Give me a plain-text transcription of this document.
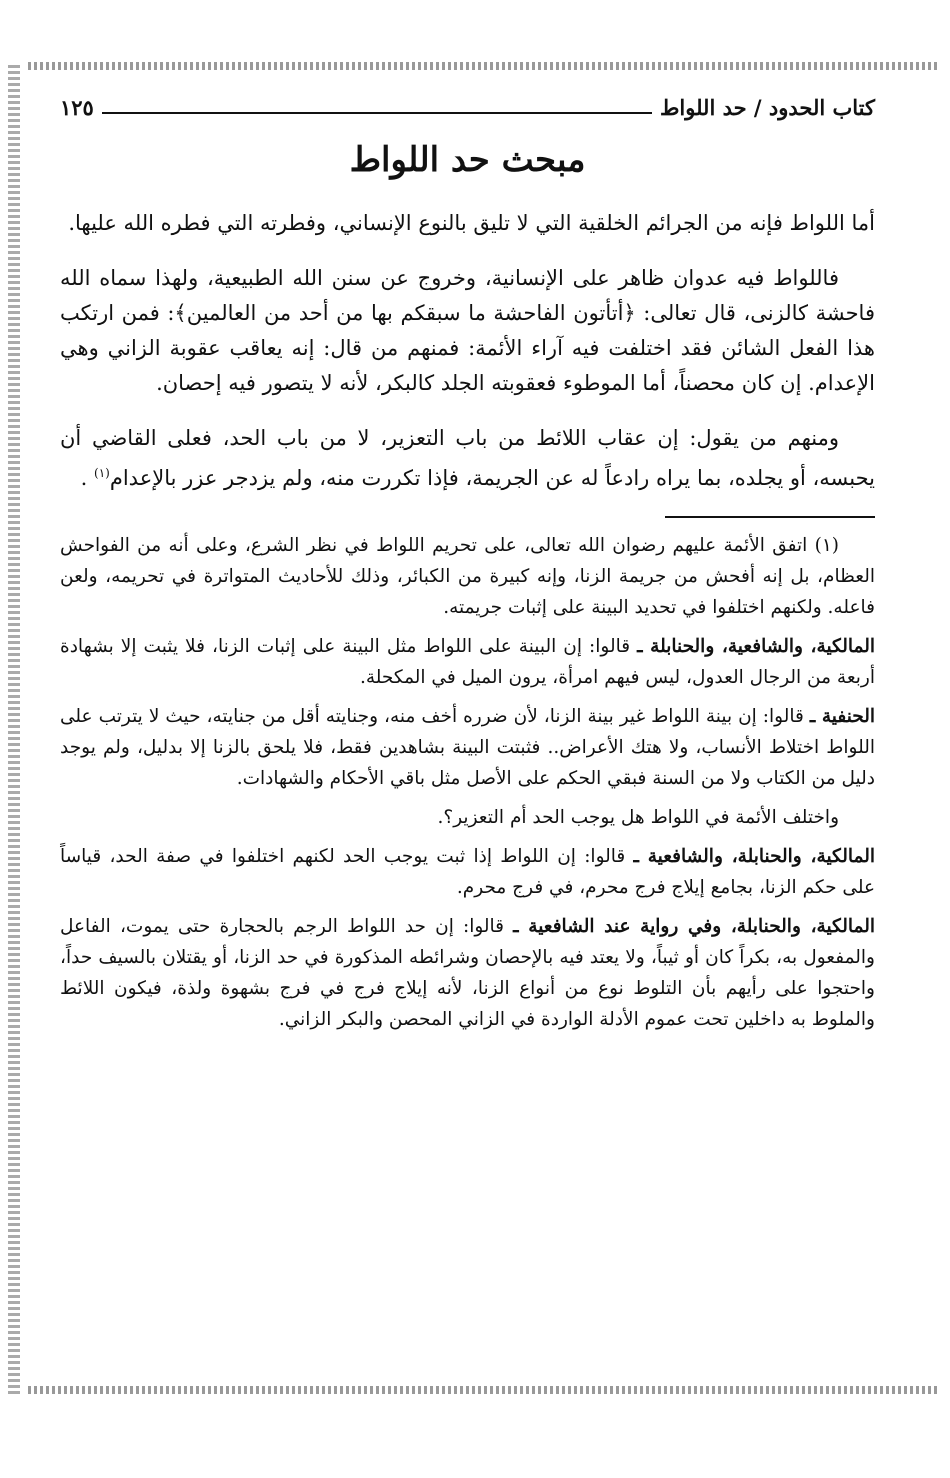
كتاب الحدود / حد اللواط
١٢٥
مبحث حد اللواط

أما اللواط فإنه من الجرائم الخلقية التي لا تليق بالنوع الإنساني، وفطرته التي فطره الله عليها.

فاللواط فيه عدوان ظاهر على الإنسانية، وخروج عن سنن الله الطبيعية، ولهذا سماه الله فاحشة كالزنى، قال تعالى: ﴿أتأتون الفاحشة ما سبقكم بها من أحد من العالمين﴾: فمن ارتكب هذا الفعل الشائن فقد اختلفت فيه آراء الأئمة: فمنهم من قال: إنه يعاقب عقوبة الزاني وهي الإعدام. إن كان محصناً، أما الموطوء فعقوبته الجلد كالبكر، لأنه لا يتصور فيه إحصان.

ومنهم من يقول: إن عقاب اللائط من باب التعزير، لا من باب الحد، فعلى القاضي أن يحبسه، أو يجلده، بما يراه رادعاً له عن الجريمة، فإذا تكررت منه، ولم يزدجر عزر بالإعدام$^{(١)}$ .

(١) اتفق الأئمة عليهم رضوان الله تعالى، على تحريم اللواط في نظر الشرع، وعلى أنه من الفواحش العظام، بل إنه أفحش من جريمة الزنا، وإنه كبيرة من الكبائر، وذلك للأحاديث المتواترة في تحريمه، ولعن فاعله. ولكنهم اختلفوا في تحديد البينة على إثبات جريمته.

المالكية، والشافعية، والحنابلة ـ قالوا: إن البينة على اللواط مثل البينة على إثبات الزنا، فلا يثبت إلا بشهادة أربعة من الرجال العدول، ليس فيهم امرأة، يرون الميل في المكحلة.

الحنفية ـ قالوا: إن بينة اللواط غير بينة الزنا، لأن ضرره أخف منه، وجنايته أقل من جنايته، حيث لا يترتب على اللواط اختلاط الأنساب، ولا هتك الأعراض.. فثبتت البينة بشاهدين فقط، فلا يلحق بالزنا إلا بدليل، ولم يوجد دليل من الكتاب ولا من السنة فبقي الحكم على الأصل مثل باقي الأحكام والشهادات.

واختلف الأئمة في اللواط هل يوجب الحد أم التعزير؟.

المالكية، والحنابلة، والشافعية ـ قالوا: إن اللواط إذا ثبت يوجب الحد لكنهم اختلفوا في صفة الحد، قياساً على حكم الزنا، بجامع إيلاج فرج محرم، في فرج محرم.

المالكية، والحنابلة، وفي رواية عند الشافعية ـ قالوا: إن حد اللواط الرجم بالحجارة حتى يموت، الفاعل والمفعول به، بكراً كان أو ثيباً، ولا يعتد فيه بالإحصان وشرائطه المذكورة في حد الزنا، أو يقتلان بالسيف حداً، واحتجوا على رأيهم بأن التلوط نوع من أنواع الزنا، لأنه إيلاج فرج في فرج بشهوة ولذة، فيكون اللائط والملوط به داخلين تحت عموم الأدلة الواردة في الزاني المحصن والبكر الزاني.
